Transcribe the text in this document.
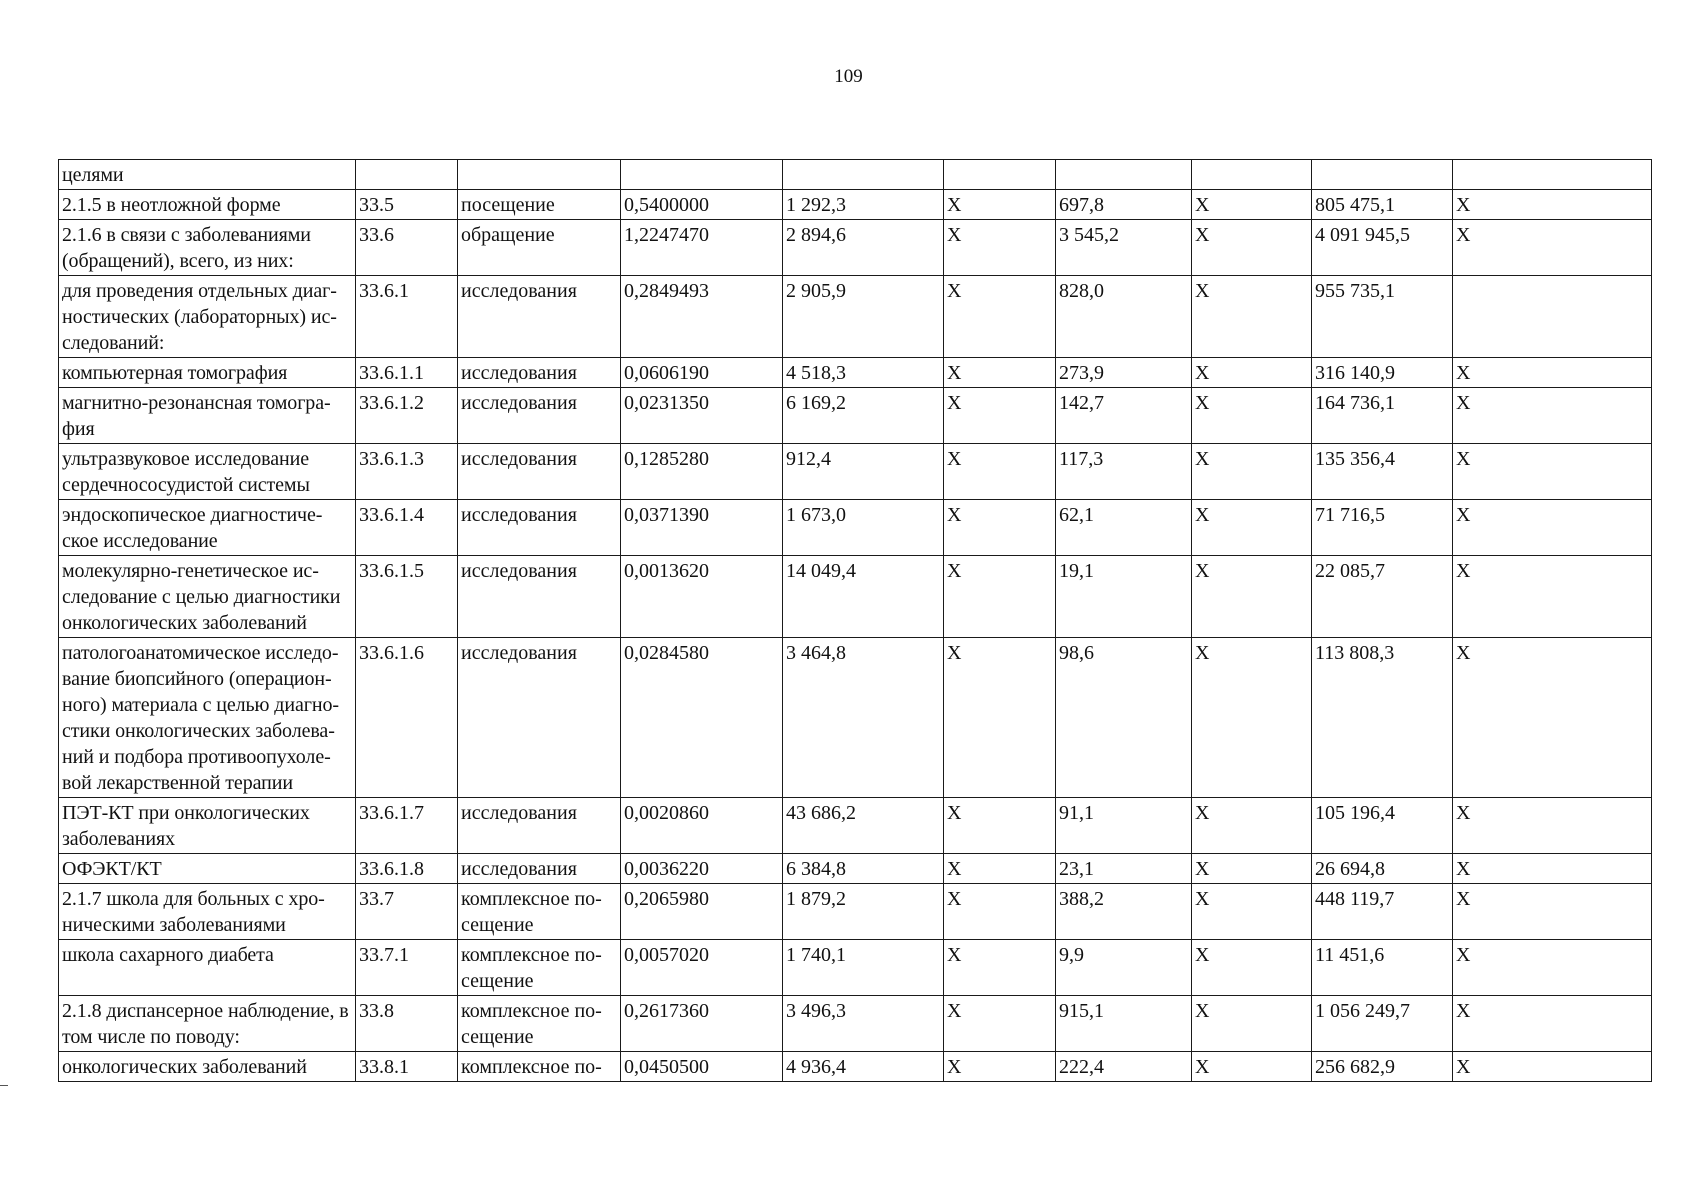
109
целями									
2.1.5 в неотложной форме	33.5	посещение	0,5400000	1 292,3	X	697,8	X	805 475,1	X
2.1.6 в связи с заболеваниями (обращений), всего, из них:	33.6	обращение	1,2247470	2 894,6	X	3 545,2	X	4 091 945,5	X
для проведения отдельных диаг-ностических (лабораторных) ис-следований:	33.6.1	исследования	0,2849493	2 905,9	X	828,0	X	955 735,1	
компьютерная томография	33.6.1.1	исследования	0,0606190	4 518,3	X	273,9	X	316 140,9	X
магнитно-резонансная томогра-фия	33.6.1.2	исследования	0,0231350	6 169,2	X	142,7	X	164 736,1	X
ультразвуковое исследование сердечнососудистой системы	33.6.1.3	исследования	0,1285280	912,4	X	117,3	X	135 356,4	X
эндоскопическое диагностиче-ское исследование	33.6.1.4	исследования	0,0371390	1 673,0	X	62,1	X	71 716,5	X
молекулярно-генетическое ис-следование с целью диагностики онкологических заболеваний	33.6.1.5	исследования	0,0013620	14 049,4	X	19,1	X	22 085,7	X
патологоанатомическое исследо-вание биопсийного (операцион-ного) материала с целью диагно-стики онкологических заболева-ний и подбора противоопухоле-вой лекарственной терапии	33.6.1.6	исследования	0,0284580	3 464,8	X	98,6	X	113 808,3	X
ПЭТ-КТ при онкологических заболеваниях	33.6.1.7	исследования	0,0020860	43 686,2	X	91,1	X	105 196,4	X
ОФЭКТ/КТ	33.6.1.8	исследования	0,0036220	6 384,8	X	23,1	X	26 694,8	X
2.1.7 школа для больных с хро-ническими заболеваниями	33.7	комплексное по-сещение	0,2065980	1 879,2	X	388,2	X	448 119,7	X
школа сахарного диабета	33.7.1	комплексное по-сещение	0,0057020	1 740,1	X	9,9	X	11 451,6	X
2.1.8 диспансерное наблюдение, в том числе по поводу:	33.8	комплексное по-сещение	0,2617360	3 496,3	X	915,1	X	1 056 249,7	X
онкологических заболеваний	33.8.1	комплексное по-	0,0450500	4 936,4	X	222,4	X	256 682,9	X
